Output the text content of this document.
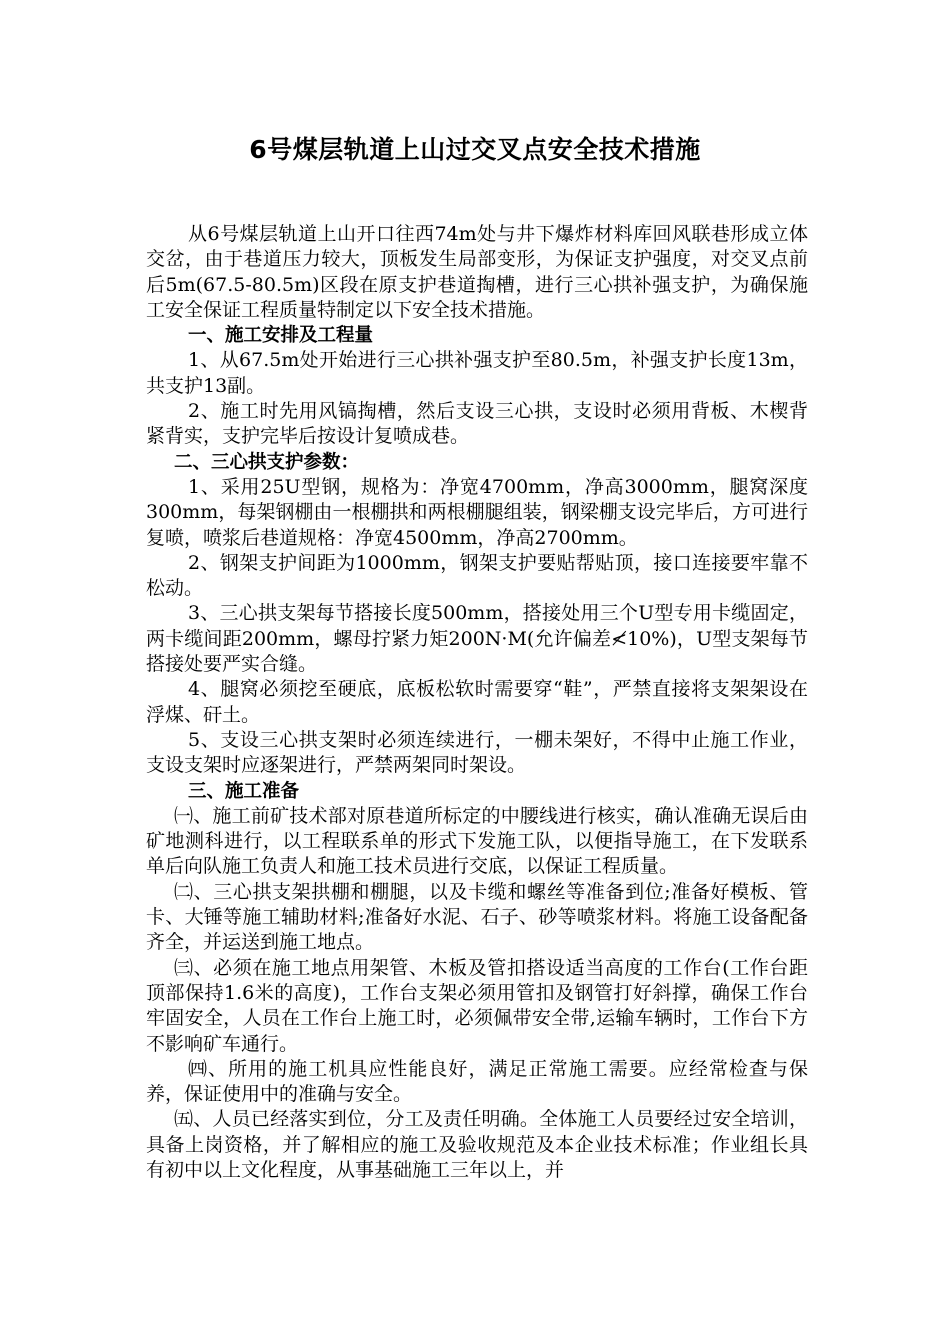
6号煤层轨道上山过交叉点安全技术措施

从6号煤层轨道上山开口往西74m处与井下爆炸材料库回风联巷形成立体交岔，由于巷道压力较大，顶板发生局部变形，为保证支护强度，对交叉点前后5m(67.5-80.5m)区段在原支护巷道掏槽，进行三心拱补强支护，为确保施工安全保证工程质量特制定以下安全技术措施。

一、施工安排及工程量

1、从67.5m处开始进行三心拱补强支护至80.5m，补强支护长度13m，共支护13副。

2、施工时先用风镐掏槽，然后支设三心拱，支设时必须用背板、木楔背紧背实，支护完毕后按设计复喷成巷。

二、三心拱支护参数：

1、采用25U型钢，规格为：净宽4700mm，净高3000mm，腿窝深度300mm，每架钢棚由一根棚拱和两根棚腿组装，钢梁棚支设完毕后，方可进行复喷，喷浆后巷道规格：净宽4500mm，净高2700mm。

2、钢架支护间距为1000mm，钢架支护要贴帮贴顶，接口连接要牢靠不松动。

3、三心拱支架每节搭接长度500mm，搭接处用三个U型专用卡缆固定，两卡缆间距200mm，螺母拧紧力矩200N·M(允许偏差≮10%)，U型支架每节搭接处要严实合缝。

4、腿窝必须挖至硬底，底板松软时需要穿“鞋”，严禁直接将支架架设在浮煤、矸土。

5、支设三心拱支架时必须连续进行，一棚未架好，不得中止施工作业，支设支架时应逐架进行，严禁两架同时架设。

三、施工准备

㈠、施工前矿技术部对原巷道所标定的中腰线进行核实，确认准确无误后由矿地测科进行，以工程联系单的形式下发施工队，以便指导施工，在下发联系单后向队施工负责人和施工技术员进行交底，以保证工程质量。

㈡、三心拱支架拱棚和棚腿，以及卡缆和螺丝等准备到位;准备好模板、管卡、大锤等施工辅助材料;准备好水泥、石子、砂等喷浆材料。将施工设备配备齐全，并运送到施工地点。

㈢、必须在施工地点用架管、木板及管扣搭设适当高度的工作台(工作台距顶部保持1.6米的高度)，工作台支架必须用管扣及钢管打好斜撑，确保工作台牢固安全，人员在工作台上施工时，必须佩带安全带,运输车辆时，工作台下方不影响矿车通行。

㈣、所用的施工机具应性能良好，满足正常施工需要。应经常检查与保养，保证使用中的准确与安全。

㈤、人员已经落实到位，分工及责任明确。全体施工人员要经过安全培训，具备上岗资格，并了解相应的施工及验收规范及本企业技术标准；作业组长具有初中以上文化程度，从事基础施工三年以上，并
